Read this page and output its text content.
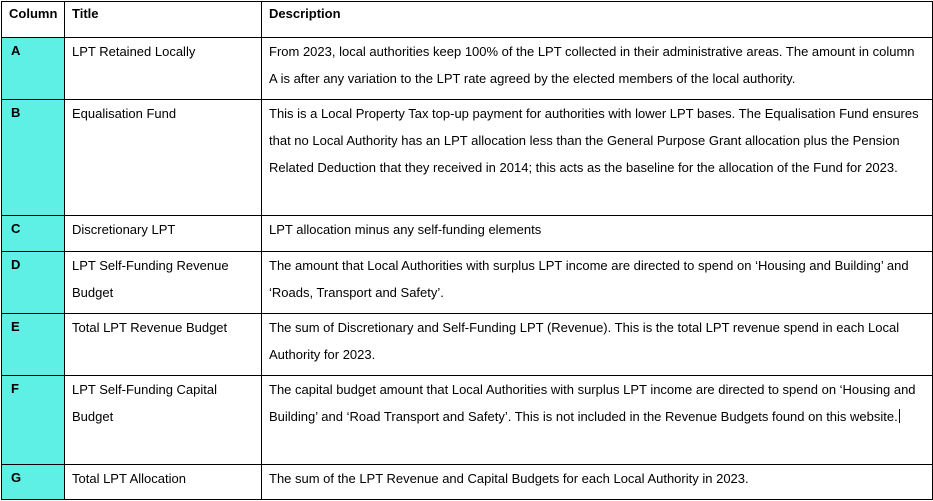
Column	Title	Description
A	LPT Retained Locally	From 2023, local authorities keep 100% of the LPT collected in their administrative areas. The amount in column A is after any variation to the LPT rate agreed by the elected members of the local authority.
B	Equalisation Fund	This is a Local Property Tax top-up payment for authorities with lower LPT bases. The Equalisation Fund ensures that no Local Authority has an LPT allocation less than the General Purpose Grant allocation plus the Pension Related Deduction that they received in 2014; this acts as the baseline for the allocation of the Fund for 2023.
C	Discretionary LPT	LPT allocation minus any self-funding elements
D	LPT Self-Funding Revenue Budget	The amount that Local Authorities with surplus LPT income are directed to spend on ‘Housing and Building’ and ‘Roads, Transport and Safety’.
E	Total LPT Revenue Budget	The sum of Discretionary and Self-Funding LPT (Revenue). This is the total LPT revenue spend in each Local Authority for 2023.
F	LPT Self-Funding Capital Budget	The capital budget amount that Local Authorities with surplus LPT income are directed to spend on ‘Housing and Building’ and ‘Road Transport and Safety’. This is not included in the Revenue Budgets found on this website.
G	Total LPT Allocation	The sum of the LPT Revenue and Capital Budgets for each Local Authority in 2023.
